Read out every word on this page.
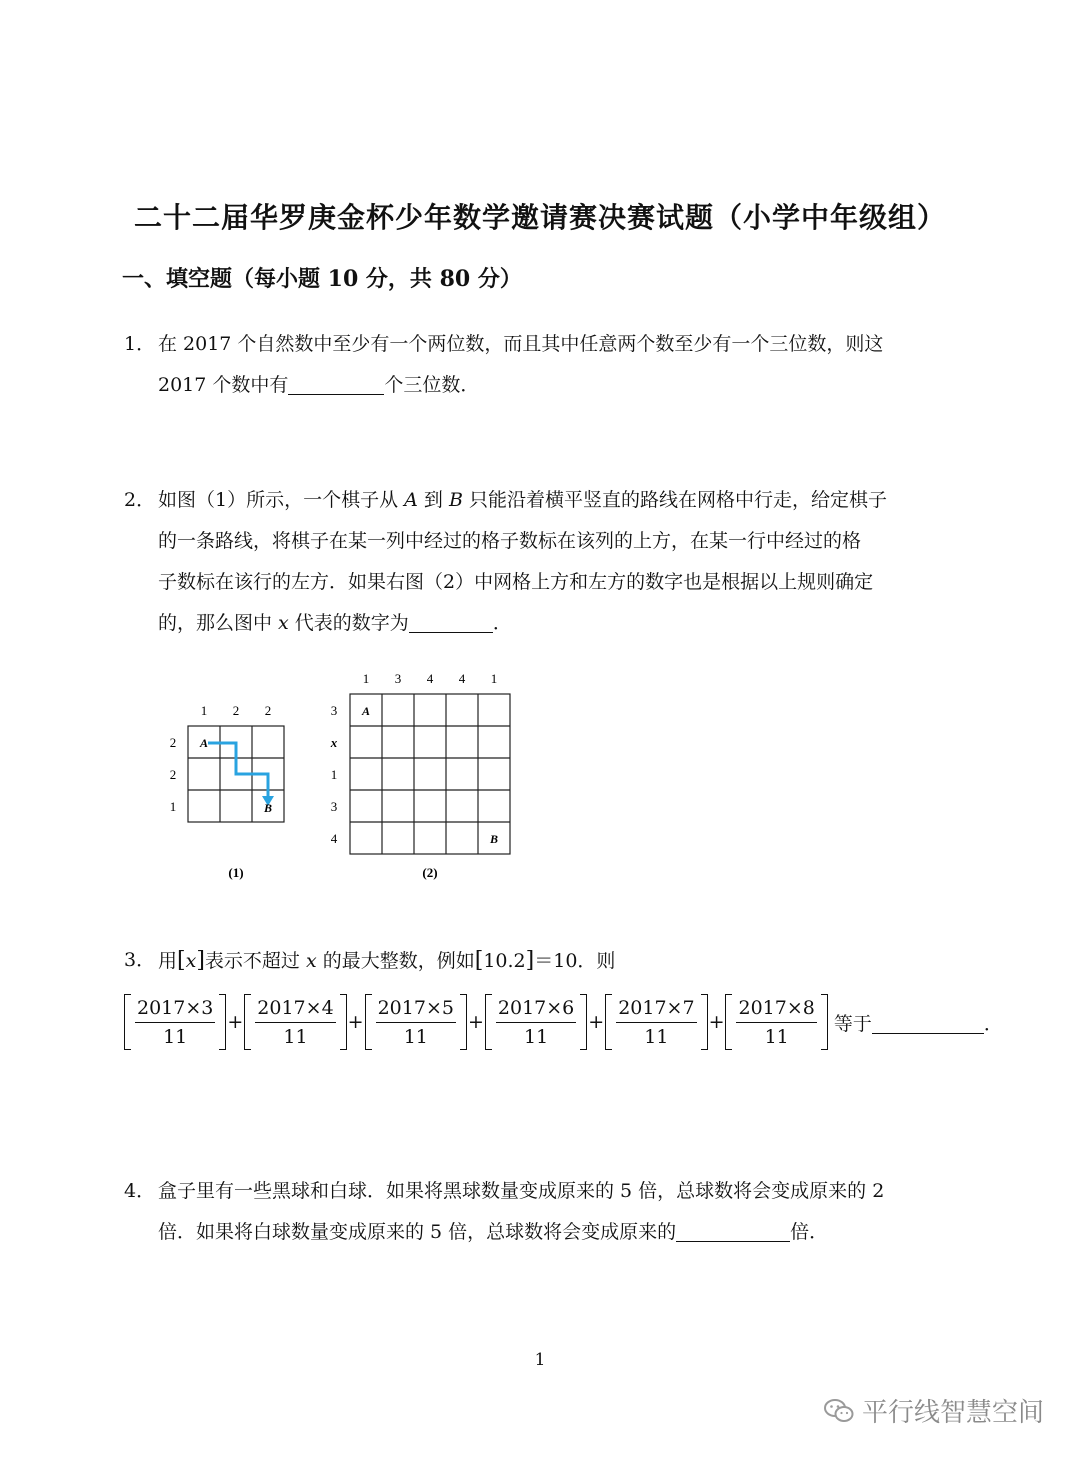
二十二届华罗庚金杯少年数学邀请赛决赛试题（小学中年级组）
一、填空题（每小题 10 分，共 80 分）
1． 在 2017 个自然数中至少有一个两位数，而且其中任意两个数至少有一个三位数，则这
2017 个数中有	个三位数．
2． 如图（1）所示，一个棋子从 A 到 B 只能沿着横平竖直的路线在网格中行走，给定棋子
的一条路线，将棋子在某一列中经过的格子数标在该列的上方，在某一行中经过的格
子数标在该行的左方．如果右图（2）中网格上方和左方的数字也是根据以上规则确定
的，那么图中 x 代表的数字为	．
1 2 2
2
2
1
A
B
(1)
1 3 4 4 1
3
x
1
3
4
A
B
(2)
3． 用[x]表示不超过 x 的最大整数，例如[10.2]＝10．则
$\frac{2017\times 3}{11} + \frac{2017\times 4}{11} + \frac{2017\times 5}{11} + \frac{2017\times 6}{11} + \frac{2017\times 7}{11} + \frac{2017\times 8}{11}$ 等于	．
4． 盒子里有一些黑球和白球．如果将黑球数量变成原来的 5 倍，总球数将会变成原来的 2
倍．如果将白球数量变成原来的 5 倍，总球数将会变成原来的	倍．
1
平行线智慧空间
